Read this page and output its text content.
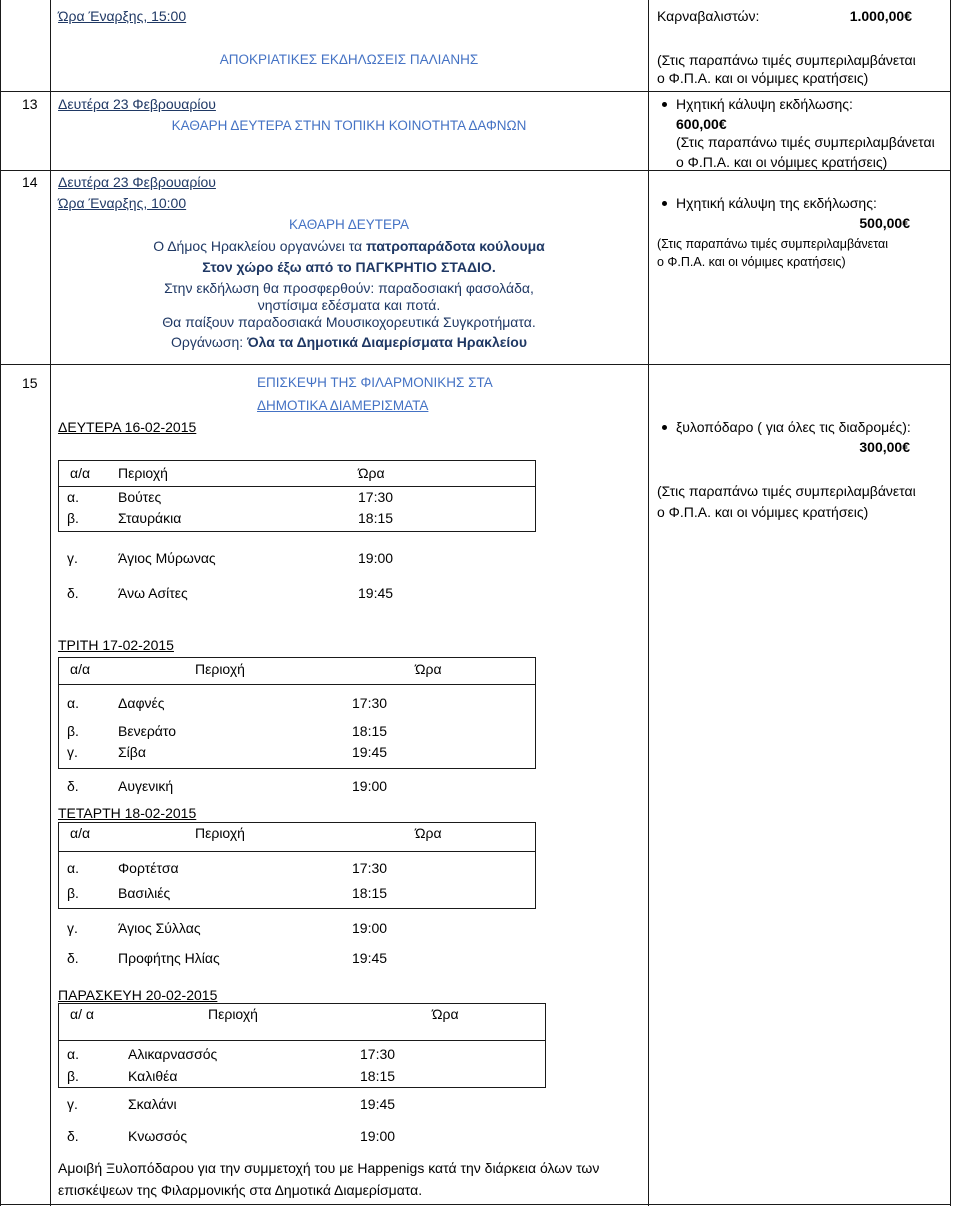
Ώρα Έναρξης, 15:00
ΑΠΟΚΡΙΑΤΙΚΕΣ ΕΚΔΗΛΩΣΕΙΣ ΠΑΛΙΑΝΗΣ
Καρναβαλιστών:	1.000,00€
(Στις παραπάνω τιμές συμπεριλαμβάνεται
ο Φ.Π.Α. και οι νόμιμες κρατήσεις)
13 Δευτέρα 23 Φεβρουαρίου
ΚΑΘΑΡΗ ΔΕΥΤΕΡΑ ΣΤΗΝ ΤΟΠΙΚΗ ΚΟΙΝΟΤΗΤΑ ΔΑΦΝΩΝ
Ηχητική κάλυψη εκδήλωσης:
600,00€
(Στις παραπάνω τιμές συμπεριλαμβάνεται
ο Φ.Π.Α. και οι νόμιμες κρατήσεις)
14 Δευτέρα 23 Φεβρουαρίου
Ώρα Έναρξης, 10:00
ΚΑΘΑΡΗ ΔΕΥΤΕΡΑ
Ο Δήμος Ηρακλείου οργανώνει τα πατροπαράδοτα κούλουμα
Στον χώρο έξω από το ΠΑΓΚΡΗΤΙΟ ΣΤΑΔΙΟ.
Στην εκδήλωση θα προσφερθούν: παραδοσιακή φασολάδα,
νηστίσιμα εδέσματα και ποτά.
Θα παίξουν παραδοσιακά Μουσικοχορευτικά Συγκροτήματα.
Οργάνωση: Όλα τα Δημοτικά Διαμερίσματα Ηρακλείου
Ηχητική κάλυψη της εκδήλωσης:
500,00€
(Στις παραπάνω τιμές συμπεριλαμβάνεται
ο Φ.Π.Α. και οι νόμιμες κρατήσεις)
15	ΕΠΙΣΚΕΨΗ ΤΗΣ ΦΙΛΑΡΜΟΝΙΚΗΣ ΣΤΑ
ΔΗΜΟΤΙΚΑ ΔΙΑΜΕΡΙΣΜΑΤΑ
ξυλοπόδαρο ( για όλες τις διαδρομές):
300,00€
(Στις παραπάνω τιμές συμπεριλαμβάνεται
ο Φ.Π.Α. και οι νόμιμες κρατήσεις)
ΔΕΥΤΕΡΑ 16-02-2015
α/α Περιοχή	Ώρα
α.	Βούτες	17:30
β.	Σταυράκια	18:15
γ.	Άγιος Μύρωνας	19:00
δ.	Άνω Ασίτες	19:45
ΤΡΙΤΗ 17-02-2015
α/α	Περιοχή	Ώρα
α.	Δαφνές	17:30
β.	Βενεράτο	18:15
γ.	Σίβα	19:45
δ.	Αυγενική	19:00
ΤΕΤΑΡΤΗ 18-02-2015
α/α	Περιοχή	Ώρα
α.	Φορτέτσα	17:30
β.	Βασιλιές	18:15
γ.	Άγιος Σύλλας	19:00
δ.	Προφήτης Ηλίας	19:45
ΠΑΡΑΣΚΕΥΗ 20-02-2015
α/ α	Περιοχή	Ώρα
α.	Αλικαρνασσός	17:30
β.	Καλιθέα	18:15
γ.	Σκαλάνι	19:45
δ.	Κνωσσός	19:00
Αμοιβή Ξυλοπόδαρου για την συμμετοχή του με Happenigs κατά την διάρκεια όλων των
επισκέψεων της Φιλαρμονικής στα Δημοτικά Διαμερίσματα.
